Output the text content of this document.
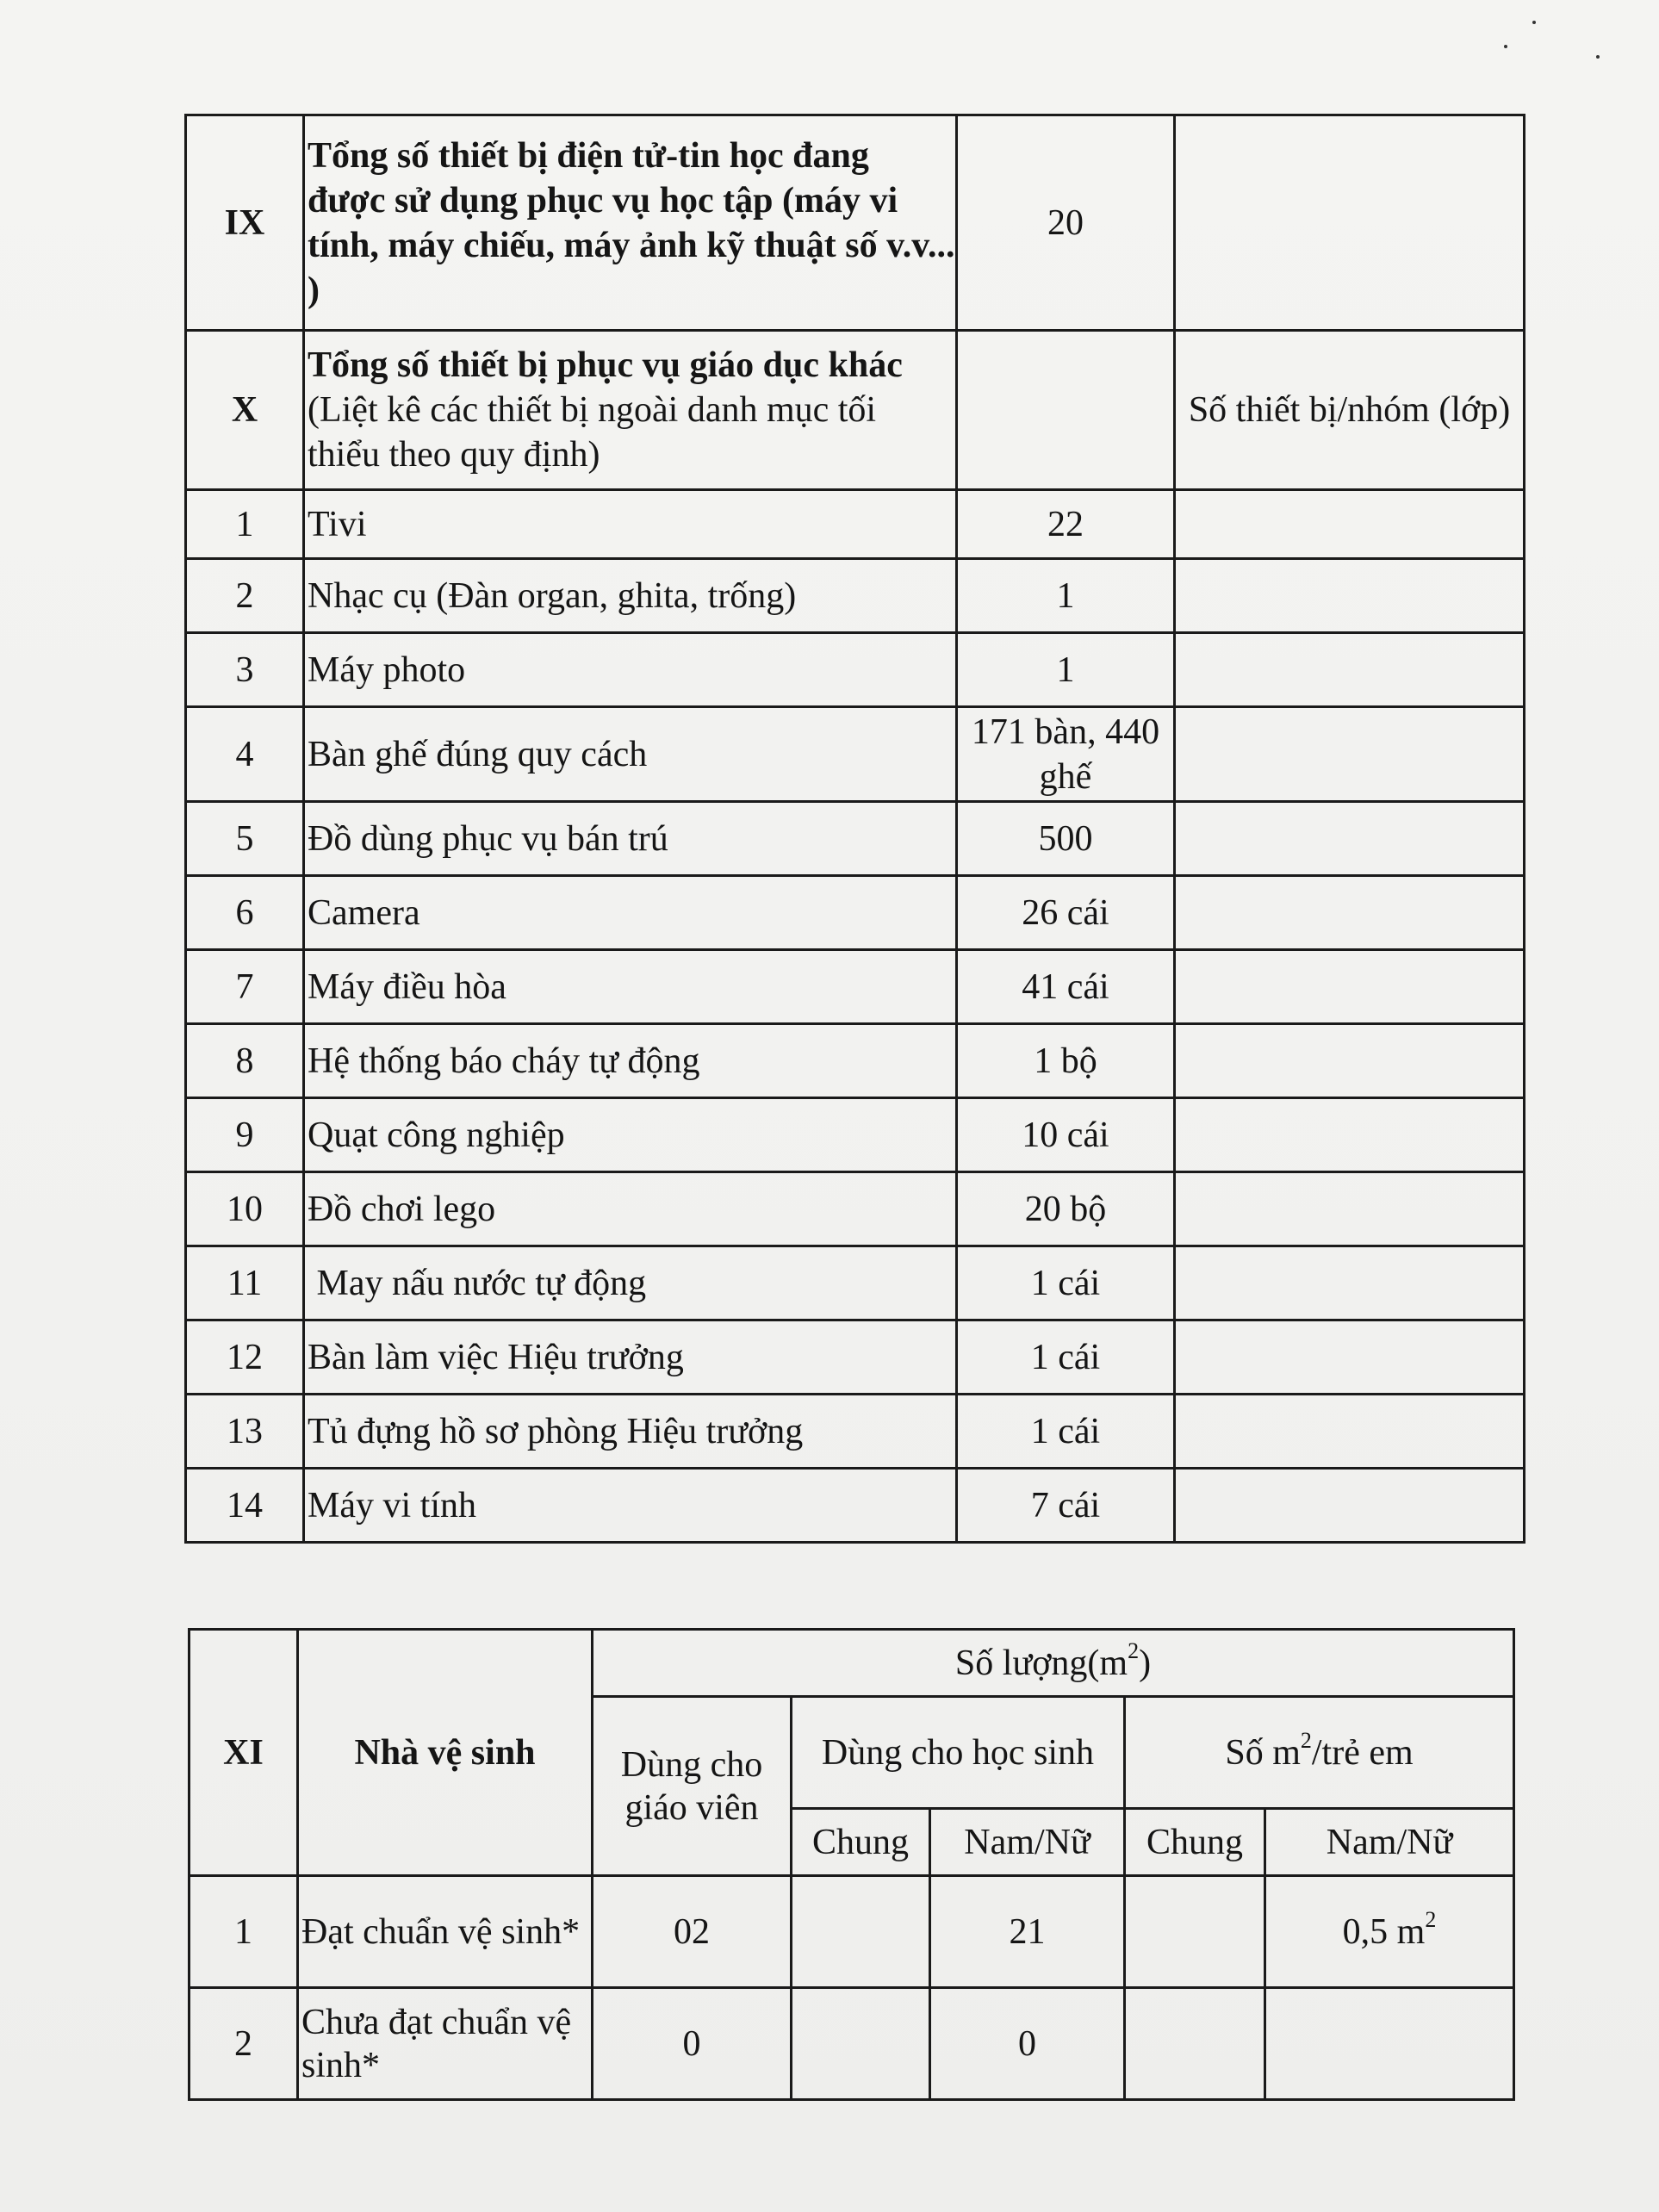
IX	Tổng số thiết bị điện tử-tin học đang được sử dụng phục vụ học tập (máy vi tính, máy chiếu, máy ảnh kỹ thuật số v.v... )	20	
X	Tổng số thiết bị phục vụ giáo dục khác (Liệt kê các thiết bị ngoài danh mục tối thiểu theo quy định)		Số thiết bị/nhóm (lớp)
1	Tivi	22	
2	Nhạc cụ (Đàn organ, ghita, trống)	1	
3	Máy photo	1	
4	Bàn ghế đúng quy cách	171 bàn, 440 ghế	
5	Đồ dùng phục vụ bán trú	500	
6	Camera	26 cái	
7	Máy điều hòa	41 cái	
8	Hệ thống báo cháy tự động	1 bộ	
9	Quạt công nghiệp	10 cái	
10	Đồ chơi lego	20 bộ	
11	May nấu nước tự động	1 cái	
12	Bàn làm việc Hiệu trưởng	1 cái	
13	Tủ đựng hồ sơ phòng Hiệu trưởng	1 cái	
14	Máy vi tính	7 cái	
XI	Nhà vệ sinh	Số $lượng(m^2)$				
		Dùng cho giáo viên	Dùng cho học sinh		Số $m^2$/trẻ em	
			Chung	Nam/Nữ	Chung	Nam/Nữ
1	Đạt chuẩn vệ sinh*	02		21		0,5 $m^2$
2	Chưa đạt chuẩn vệ sinh*	0		0		
